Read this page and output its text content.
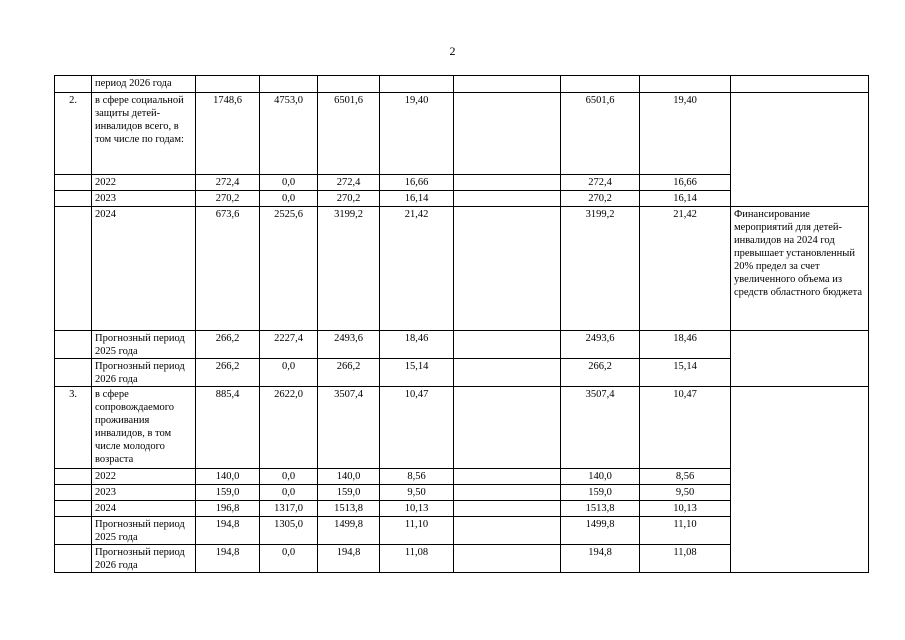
2
	период 2026 года								
2.	в сфере социальной защиты детей-инвалидов всего, в том числе по годам:	1748,6	4753,0	6501,6	19,40		6501,6	19,40	
	2022	272,4	0,0	272,4	16,66		272,4	16,66	
	2023	270,2	0,0	270,2	16,14		270,2	16,14	
	2024	673,6	2525,6	3199,2	21,42		3199,2	21,42	Финансирование мероприятий для детей-инвалидов на 2024 год превышает установленный 20% предел за счет увеличенного объема из средств областного бюджета
	Прогнозный период 2025 года	266,2	2227,4	2493,6	18,46		2493,6	18,46	
	Прогнозный период 2026 года	266,2	0,0	266,2	15,14		266,2	15,14	
3.	в сфере сопровождаемого проживания инвалидов, в том числе молодого возраста	885,4	2622,0	3507,4	10,47		3507,4	10,47	
	2022	140,0	0,0	140,0	8,56		140,0	8,56	
	2023	159,0	0,0	159,0	9,50		159,0	9,50	
	2024	196,8	1317,0	1513,8	10,13		1513,8	10,13	
	Прогнозный период 2025 года	194,8	1305,0	1499,8	11,10		1499,8	11,10	
	Прогнозный период 2026 года	194,8	0,0	194,8	11,08		194,8	11,08	
